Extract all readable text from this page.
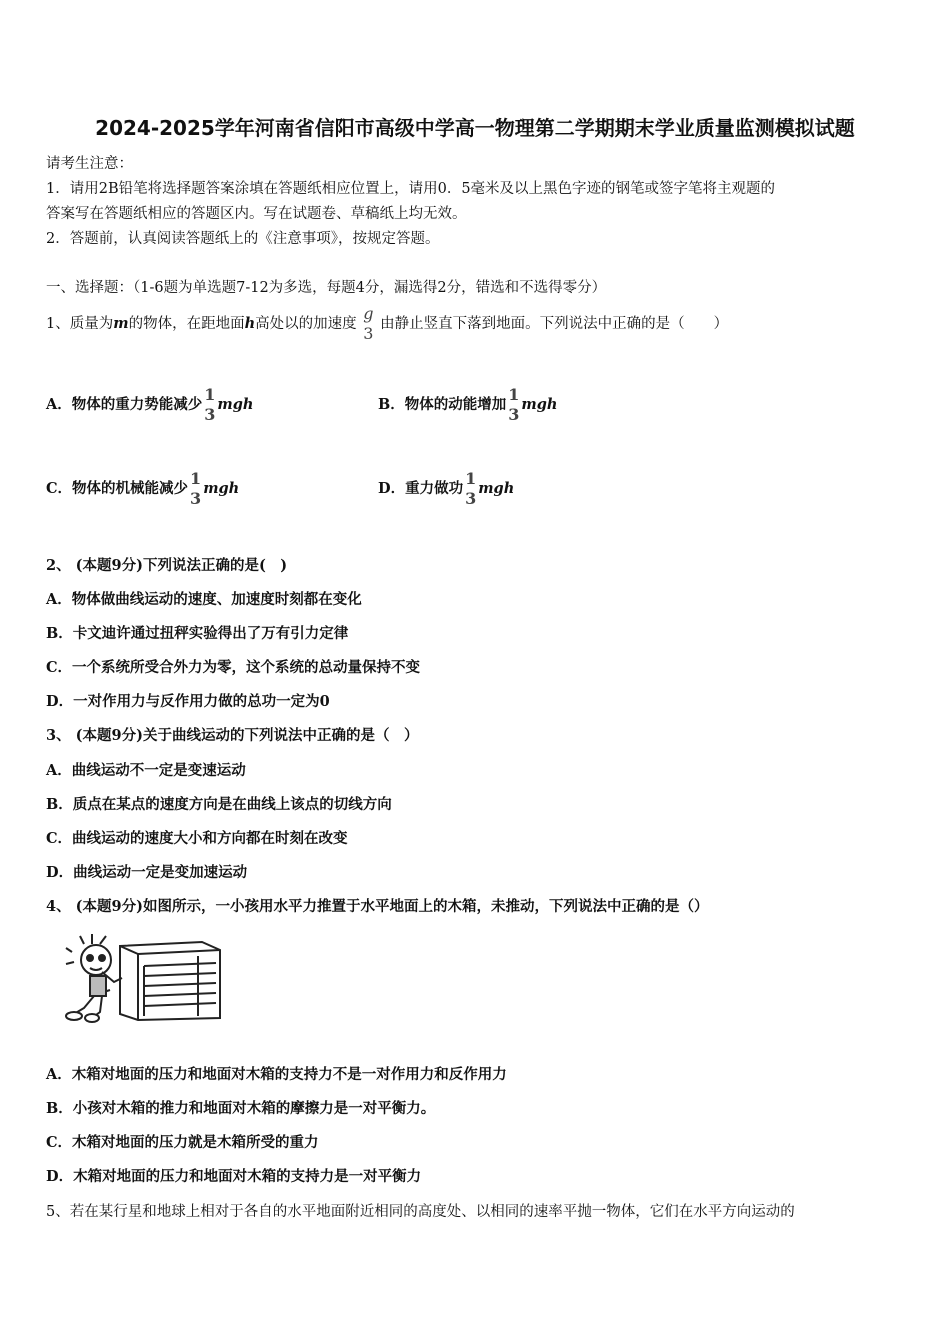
2024-2025学年河南省信阳市高级中学高一物理第二学期期末学业质量监测模拟试题
请考生注意：
1．请用2B铅笔将选择题答案涂填在答题纸相应位置上，请用0．5毫米及以上黑色字迹的钢笔或签字笔将主观题的
答案写在答题纸相应的答题区内。写在试题卷、草稿纸上均无效。
2．答题前，认真阅读答题纸上的《注意事项》，按规定答题。
一、选择题：（1-6题为单选题7-12为多选，每题4分，漏选得2分，错选和不选得零分）
1、质量为m的物体，在距地面h高处以的加速度
g
3 由静止竖直下落到地面。下列说法中正确的是（　　）
A．物体的重力势能减少
1
3
mgh	B．物体的动能增加
1
3
mgh
C．物体的机械能减少
1
3
mgh	D．重力做功
1
3
mgh
2、 (本题9分)下列说法正确的是(　)
A．物体做曲线运动的速度、加速度时刻都在变化
B．卡文迪许通过扭秤实验得出了万有引力定律
C．一个系统所受合外力为零，这个系统的总动量保持不变
D．一对作用力与反作用力做的总功一定为0
3、 (本题9分)关于曲线运动的下列说法中正确的是（　）
A．曲线运动不一定是变速运动
B．质点在某点的速度方向是在曲线上该点的切线方向
C．曲线运动的速度大小和方向都在时刻在改变
D．曲线运动一定是变加速运动
4、 (本题9分)如图所示，一小孩用水平力推置于水平地面上的木箱，未推动，下列说法中正确的是（）
A．木箱对地面的压力和地面对木箱的支持力不是一对作用力和反作用力
B．小孩对木箱的推力和地面对木箱的摩擦力是一对平衡力。
C．木箱对地面的压力就是木箱所受的重力
D．木箱对地面的压力和地面对木箱的支持力是一对平衡力
5、若在某行星和地球上相对于各自的水平地面附近相同的高度处、以相同的速率平抛一物体，它们在水平方向运动的
